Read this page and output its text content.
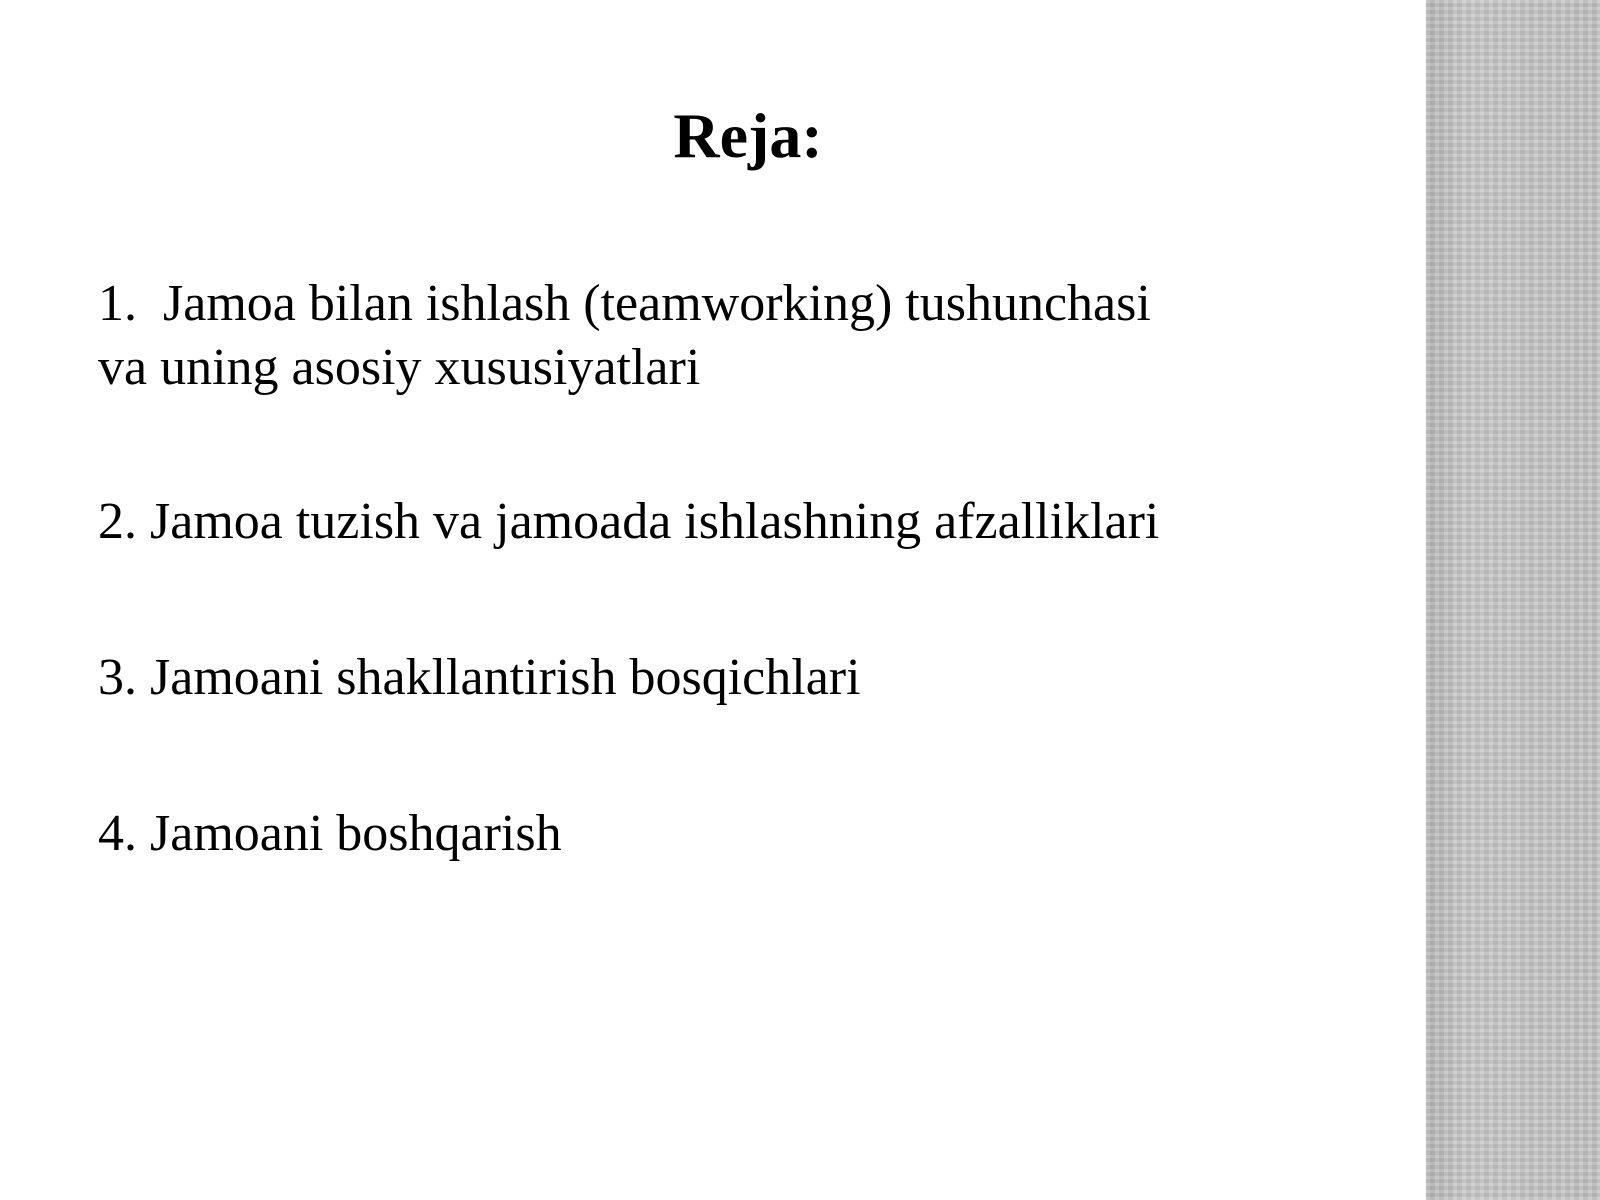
Reja:
1.  Jamoa bilan ishlash (teamworking) tushunchasi
va uning asosiy xususiyatlari
2. Jamoa tuzish va jamoada ishlashning afzalliklari
3. Jamoani shakllantirish bosqichlari
4. Jamoani boshqarish
